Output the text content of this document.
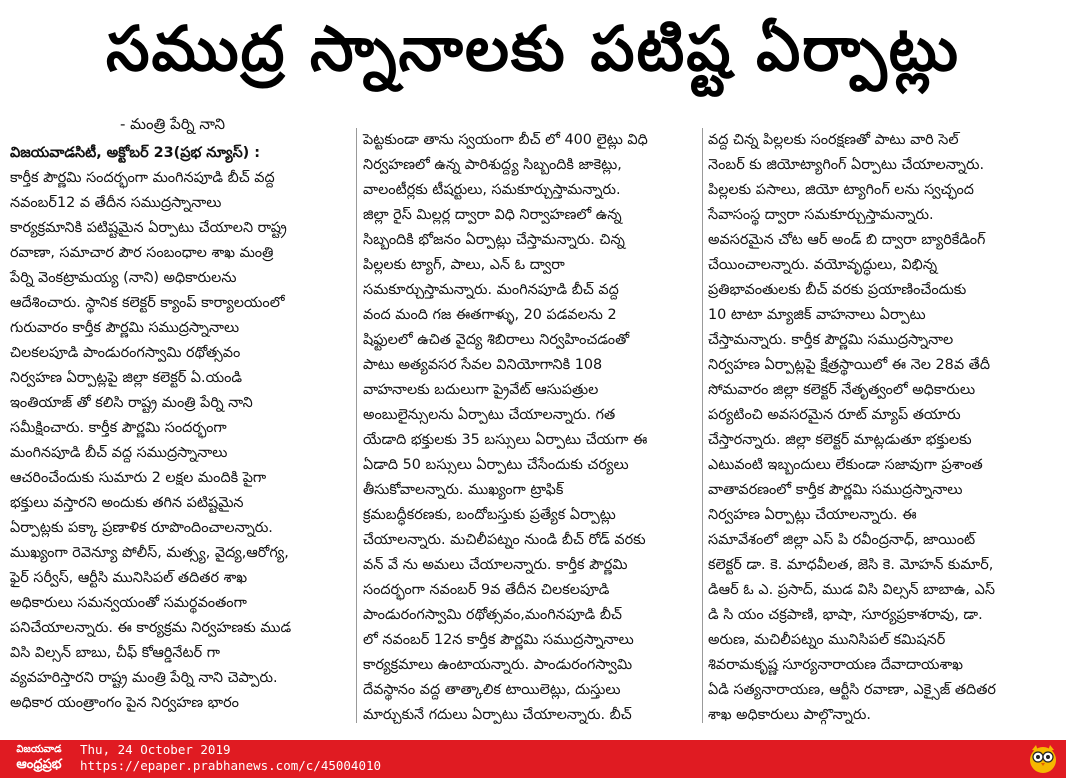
సముద్ర స్నానాలకు పటిష్ట ఏర్పాట్లు
- మంత్రి పేర్ని నాని
విజయవాడసిటీ, అక్టోబర్ 23(ప్రభ న్యూస్) :
కార్తీక పౌర్ణమి సందర్భంగా మంగినపూడి బీచ్ వద్ద
నవంబర్12 వ తేదీన సముద్రస్నానాలు
కార్యక్రమానికి పటిష్టమైన ఏర్పాటు చేయాలని రాష్ట్ర
రవాణా, సమాచార పౌర సంబంధాల శాఖ మంత్రి
పేర్ని వెంకట్రామయ్య (నాని) అధికారులను
ఆదేశించారు. స్థానిక కలెక్టర్ క్యాంప్ కార్యాలయంలో
గురువారం కార్తీక పౌర్ణమి సముద్రస్నానాలు
చిలకలపూడి పాండురంగస్వామి రథోత్సవం
నిర్వహణ ఏర్పాట్లపై జిల్లా కలెక్టర్ ఏ.యండి
ఇంతియాజ్ తో కలిసి రాష్ట్ర మంత్రి పేర్ని నాని
సమీక్షించారు. కార్తీక పౌర్ణమి సందర్భంగా
మంగినపూడి బీచ్ వద్ద సముద్రస్నానాలు
ఆచరించేందుకు సుమారు 2 లక్షల మందికి పైగా
భక్తులు వస్తారని అందుకు తగిన పటిష్టమైన
ఏర్పాట్లకు పక్కా ప్రణాళిక రూపొందించాలన్నారు.
ముఖ్యంగా రెవెన్యూ పోలీస్, మత్స్య, వైద్య,ఆరోగ్య,
ఫైర్ సర్వీస్, ఆర్టీసి మునిసిపల్ తదితర శాఖ
అధికారులు సమన్వయంతో సమర్థవంతంగా
పనిచేయాలన్నారు. ఈ కార్యక్రమ నిర్వహణకు ముడ
విసి విల్సన్ బాబు, చీఫ్ కోఆర్డినేటర్ గా
వ్యవహరిస్తారని రాష్ట్ర మంత్రి పేర్ని నాని చెప్పారు.
అధికార యంత్రాంగం పైన నిర్వహణ భారం
పెట్టకుండా తాను స్వయంగా బీచ్ లో 400 లైట్లు విధి
నిర్వహణలో ఉన్న పారిశుద్ద్య సిబ్బందికి జాకెట్లు,
వాలంటీర్లకు టీషర్టులు, సమకూర్చుస్తామన్నారు.
జిల్లా రైస్ మిల్లర్ల ద్వారా విధి నిర్వాహణలో ఉన్న
సిబ్బందికి భోజనం ఏర్పాట్లు చేస్తామన్నారు. చిన్న
పిల్లలకు ట్యాగ్, పాలు, ఎన్ ఓ ద్వారా
సమకూర్చుస్తామన్నారు. మంగినపూడి బీచ్ వద్ద
వంద మంది గజ ఈతగాళ్ళు, 20 పడవలను 2
షిఫ్టులలో ఉచిత వైద్య శిబిరాలు నిర్వహించడంతో
పాటు అత్యవసర సేవల వినియోగానికి 108
వాహనాలకు బదులుగా ప్రైవేట్ ఆసుపత్రుల
అంబులైన్సులను ఏర్పాటు చేయాలన్నారు. గత
యేడాది భక్తులకు 35 బస్సులు ఏర్పాటు చేయగా ఈ
ఏడాది 50 బస్సులు ఏర్పాటు చేసేందుకు చర్యలు
తీసుకోవాలన్నారు. ముఖ్యంగా ట్రాఫిక్
క్రమబద్ధీకరణకు, బందోబస్తుకు ప్రత్యేక ఏర్పాట్లు
చేయాలన్నారు. మచిలీపట్నం నుండి బీచ్ రోడ్ వరకు
వన్ వే ను అమలు చేయాలన్నారు. కార్తీక పౌర్ణమి
సందర్భంగా నవంబర్ 9వ తేదీన చిలకలపూడి
పాండురంగస్వామి రథోత్సవం,మంగినపూడి బీచ్
లో నవంబర్ 12న కార్తీక పౌర్ణమి సముద్రస్నానాలు
కార్యక్రమాలు ఉంటాయన్నారు. పాండురంగస్వామి
దేవస్థానం వద్ద తాత్కాలిక టాయిలెట్లు, దుస్తులు
మార్చుకునే గదులు ఏర్పాటు చేయాలన్నారు. బీచ్
వద్ద చిన్న పిల్లలకు సంరక్షణతో పాటు వారి సెల్
నెంబర్ కు జియోట్యాగింగ్ ఏర్పాటు చేయాలన్నారు.
పిల్లలకు పసాలు, జియో ట్యాగింగ్ లను స్వచ్ఛంద
సేవాసంస్థ ద్వారా సమకూర్చుస్తామన్నారు.
అవసరమైన చోట ఆర్ అండ్ బి ద్వారా బ్యారికేడింగ్
చేయించాలన్నారు. వయోవృద్ధులు, విభిన్న
ప్రతిభావంతులకు బీచ్ వరకు ప్రయాణించేందుకు
10 టాటా మ్యాజిక్ వాహనాలు ఏర్పాటు
చేస్తామన్నారు. కార్తీక పౌర్ణమి సముద్రస్నానాల
నిర్వహణ ఏర్పాట్లపై క్షేత్రస్థాయిలో ఈ నెల 28వ తేదీ
సోమవారం జిల్లా కలెక్టర్ నేతృత్వంలో అధికారులు
పర్యటించి అవసరమైన రూట్ మ్యాప్ తయారు
చేస్తారన్నారు. జిల్లా కలెక్టర్ మాట్లడుతూ భక్తులకు
ఎటువంటి ఇబ్బందులు లేకుండా సజావుగా ప్రశాంత
వాతావరణంలో కార్తీక పౌర్ణమి సముద్రస్నానాలు
నిర్వహణ ఏర్పాట్లు చేయాలన్నారు. ఈ
సమావేశంలో జిల్లా ఎస్ పి రవీంద్రనాధ్, జాయింట్
కలెక్టర్ డా. కె. మాధవీలత, జెసి కె. మోహన్ కుమార్,
డిఆర్ ఓ ఎ. ప్రసాద్, ముడ విసి విల్సన్ బాబాఉ, ఎస్
డి సి యం చక్రపాణి, భాషా, సూర్యప్రకాశరావు, డా.
అరుణ, మచిలీపట్నం మునిసిపల్ కమిషనర్
శివరామకృష్ణ సూర్యనారాయణ దేవాదాయశాఖ
ఏడి సత్యనారాయణ, ఆర్టీసి రవాణా, ఎక్సైజ్ తదితర
శాఖ అధికారులు పాల్గొన్నారు.
విజయవాడ
ఆంధ్రప్రభ
Thu, 24 October 2019
https://epaper.prabhanews.com/c/45004010
